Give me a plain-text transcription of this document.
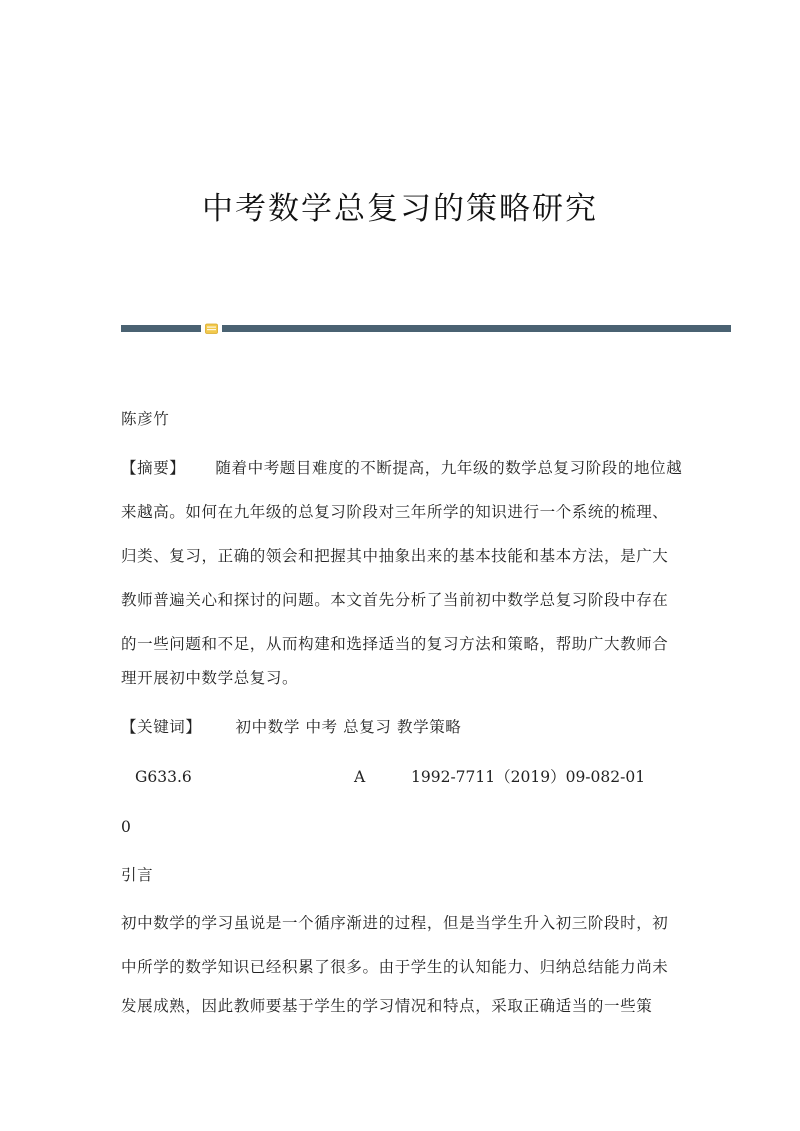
中考数学总复习的策略研究
陈彦竹
【摘要】 随着中考题目难度的不断提高，九年级的数学总复习阶段的地位越
来越高。如何在九年级的总复习阶段对三年所学的知识进行一个系统的梳理、
归类、复习，正确的领会和把握其中抽象出来的基本技能和基本方法，是广大
教师普遍关心和探讨的问题。本文首先分析了当前初中数学总复习阶段中存在
的一些问题和不足，从而构建和选择适当的复习方法和策略，帮助广大教师合
理开展初中数学总复习。
【关键词】 初中数学 中考 总复习 教学策略
G633.6	A	1992-7711（2019）09-082-01
0
引言
初中数学的学习虽说是一个循序渐进的过程，但是当学生升入初三阶段时，初
中所学的数学知识已经积累了很多。由于学生的认知能力、归纳总结能力尚未
发展成熟，因此教师要基于学生的学习情况和特点，采取正确适当的一些策
